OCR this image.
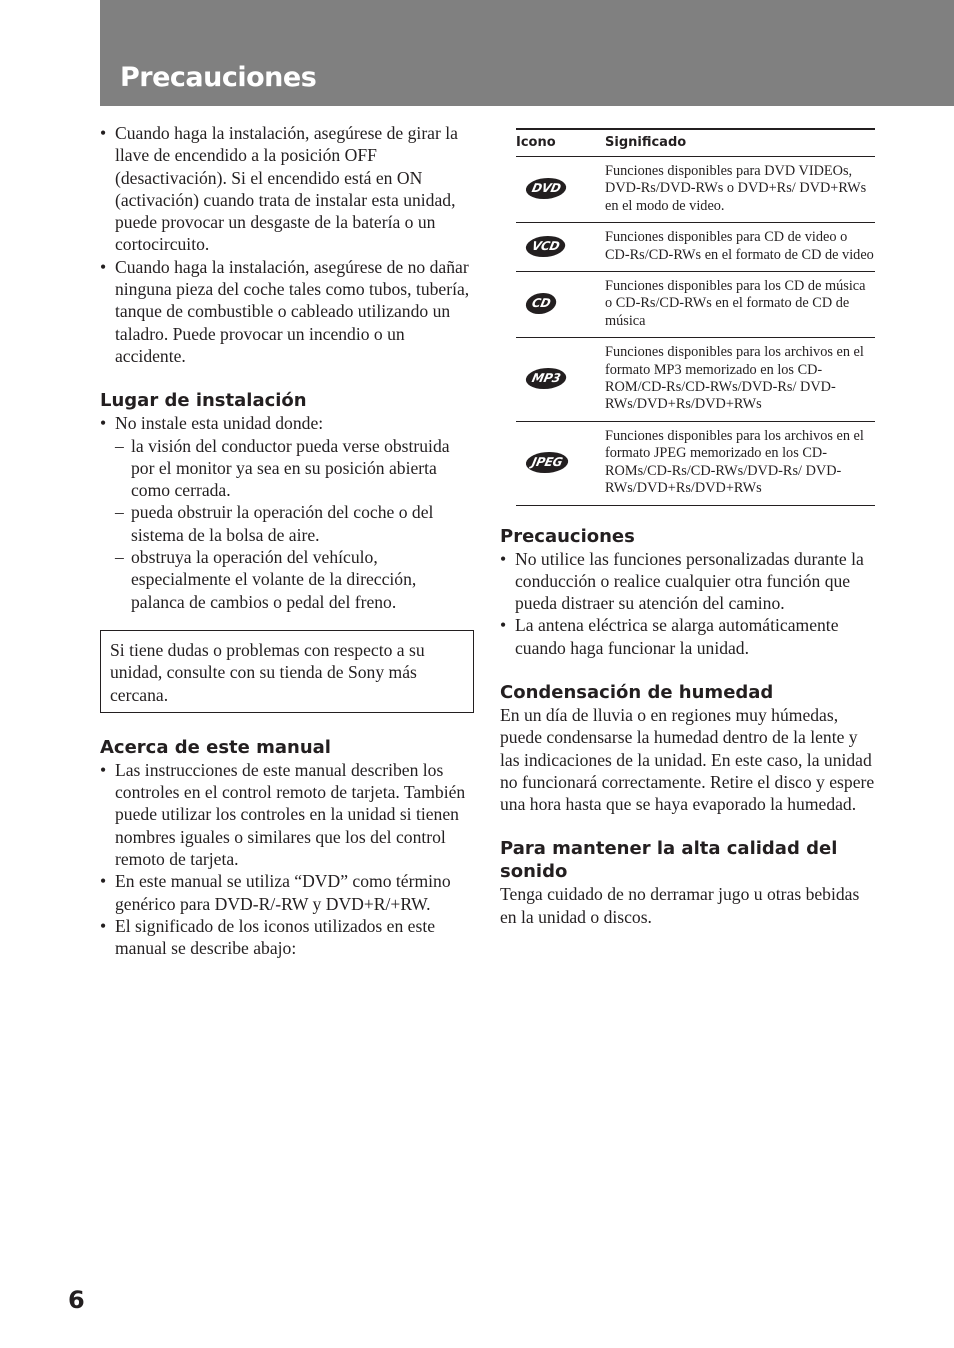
Precauciones
• Cuando haga la instalación, asegúrese de girar la llave de encendido a la posición OFF (desactivación). Si el encendido está en ON (activación) cuando trata de instalar esta unidad, puede provocar un desgaste de la batería o un cortocircuito.
• Cuando haga la instalación, asegúrese de no dañar ninguna pieza del coche tales como tubos, tubería, tanque de combustible o cableado utilizando un taladro. Puede provocar un incendio o un accidente.
Lugar de instalación
• No instale esta unidad donde:
– la visión del conductor pueda verse obstruida por el monitor ya sea en su posición abierta como cerrada.
– pueda obstruir la operación del coche o del sistema de la bolsa de aire.
– obstruya la operación del vehículo, especialmente el volante de la dirección, palanca de cambios o pedal del freno.

Si tiene dudas o problemas con respecto a su unidad, consulte con su tienda de Sony más cercana.

Acerca de este manual
• Las instrucciones de este manual describen los controles en el control remoto de tarjeta. También puede utilizar los controles en la unidad si tienen nombres iguales o similares que los del control remoto de tarjeta.
• En este manual se utiliza “DVD” como término genérico para DVD-R/-RW y DVD+R/+RW.
• El significado de los iconos utilizados en este manual se describe abajo:
Icono	Significado
DVD	Funciones disponibles para DVD VIDEOs, DVD-Rs/DVD-RWs o DVD+Rs/ DVD+RWs en el modo de video.
VCD	Funciones disponibles para CD de video o CD-Rs/CD-RWs en el formato de CD de video
CD	Funciones disponibles para los CD de música o CD-Rs/CD-RWs en el formato de CD de música
MP3	Funciones disponibles para los archivos en el formato MP3 memorizado en los CD-ROM/CD-Rs/CD-RWs/DVD-Rs/ DVD-RWs/DVD+Rs/DVD+RWs
JPEG	Funciones disponibles para los archivos en el formato JPEG memorizado en los CD-ROMs/CD-Rs/CD-RWs/DVD-Rs/ DVD-RWs/DVD+Rs/DVD+RWs
Precauciones
• No utilice las funciones personalizadas durante la conducción o realice cualquier otra función que pueda distraer su atención del camino.
• La antena eléctrica se alarga automáticamente cuando haga funcionar la unidad.
Condensación de humedad

En un día de lluvia o en regiones muy húmedas, puede condensarse la humedad dentro de la lente y las indicaciones de la unidad. En este caso, la unidad no funcionará correctamente. Retire el disco y espere una hora hasta que se haya evaporado la humedad.

Para mantener la alta calidad del sonido

Tenga cuidado de no derramar jugo u otras bebidas en la unidad o discos.

6
